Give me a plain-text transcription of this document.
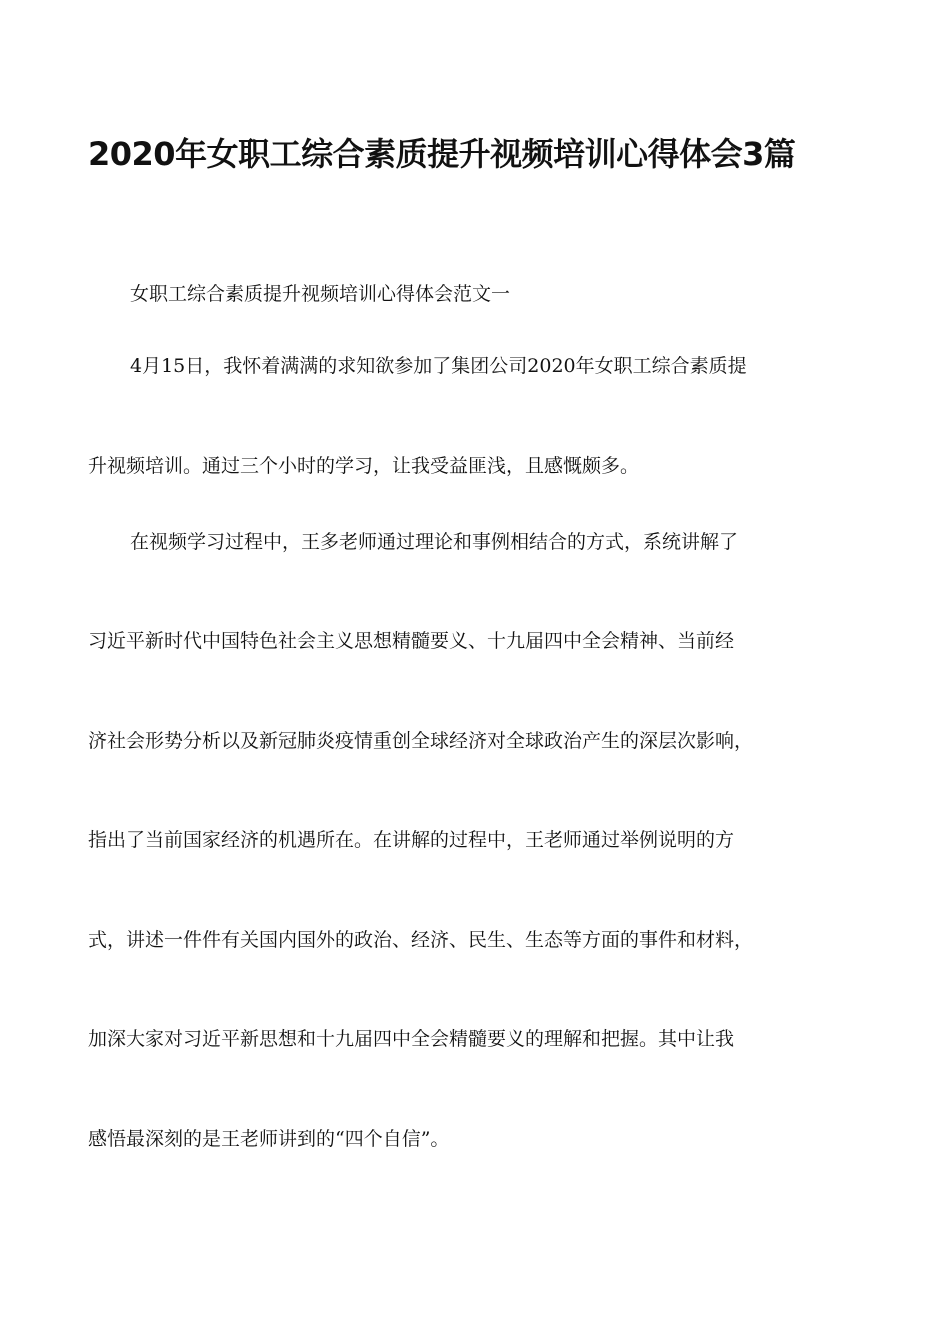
2020年女职工综合素质提升视频培训心得体会3篇

女职工综合素质提升视频培训心得体会范文一

4月15日，我怀着满满的求知欲参加了集团公司2020年女职工综合素质提

升视频培训。通过三个小时的学习，让我受益匪浅，且感慨颇多。

在视频学习过程中，王多老师通过理论和事例相结合的方式，系统讲解了

习近平新时代中国特色社会主义思想精髓要义、十九届四中全会精神、当前经

济社会形势分析以及新冠肺炎疫情重创全球经济对全球政治产生的深层次影响，

指出了当前国家经济的机遇所在。在讲解的过程中，王老师通过举例说明的方

式，讲述一件件有关国内国外的政治、经济、民生、生态等方面的事件和材料，

加深大家对习近平新思想和十九届四中全会精髓要义的理解和把握。其中让我

感悟最深刻的是王老师讲到的“四个自信”。
